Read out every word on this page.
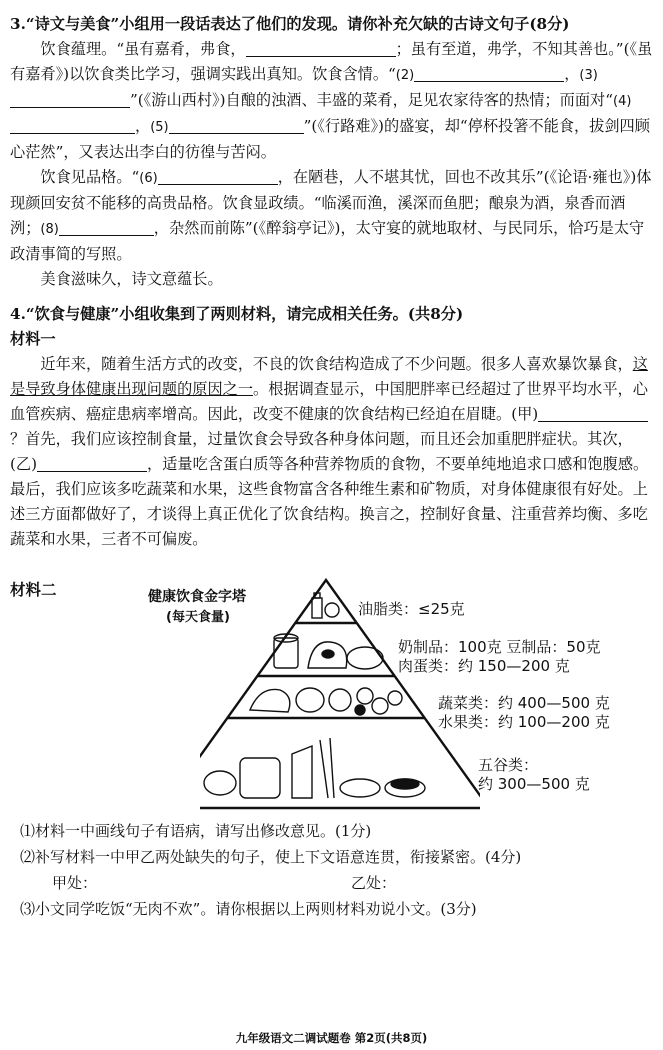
3.“诗文与美食”小组用一段话表达了他们的发现。请你补充欠缺的古诗文句子(8分)

饮食蕴理。“虽有嘉肴，弗食，	；虽有至道，弗学，不知其善也。”(《虽有嘉肴》)以饮食类比学习，强调实践出真知。饮食含情。“(2)	，(3)”(《游山西村》)自酿的浊酒、丰盛的菜肴，足见农家待客的热情；而面对“(4)，(5)	”(《行路难》)的盛宴，却“停杯投箸不能食，拔剑四顾心茫然”，又表达出李白的彷徨与苦闷。

饮食见品格。“(6)	，在陋巷，人不堪其忧，回也不改其乐”(《论语·雍也》)体现颜回安贫不能移的高贵品格。饮食显政绩。“临溪而渔，溪深而鱼肥；酿泉为酒，泉香而酒洌；(8)	，杂然而前陈”(《醉翁亭记》)，太守宴的就地取材、与民同乐，恰巧是太守政清事简的写照。

美食滋味久，诗文意蕴长。

4.“饮食与健康”小组收集到了两则材料，请完成相关任务。(共8分)

材料一

近年来，随着生活方式的改变，不良的饮食结构造成了不少问题。很多人喜欢暴饮暴食，这是导致身体健康出现问题的原因之一。根据调查显示，中国肥胖率已经超过了世界平均水平，心血管疾病、癌症患病率增高。因此，改变不健康的饮食结构已经迫在眉睫。(甲)？首先，我们应该控制食量，过量饮食会导致各种身体问题，而且还会加重肥胖症状。其次，(乙)	，适量吃含蛋白质等各种营养物质的食物，不要单纯地追求口感和饱腹感。最后，我们应该多吃蔬菜和水果，这些食物富含各种维生素和矿物质，对身体健康很有好处。上述三方面都做好了，才谈得上真正优化了饮食结构。换言之，控制好食量、注重营养均衡、多吃蔬菜和水果，三者不可偏废。

材料二	健康饮食金字塔
(每天食量)	油脂类：≤25克
奶制品：100克 豆制品：50克
肉蛋类：约 150—200 克
蔬菜类：约 400—500 克
水果类：约 100—200 克
五谷类：
约 300—500 克

⑴材料一中画线句子有语病，请写出修改意见。(1分)

⑵补写材料一中甲乙两处缺失的句子，使上下文语意连贯，衔接紧密。(4分)

甲处：	乙处：

⑶小文同学吃饭“无肉不欢”。请你根据以上两则材料劝说小文。(3分)

九年级语文二调试题卷 第2页(共8页)
